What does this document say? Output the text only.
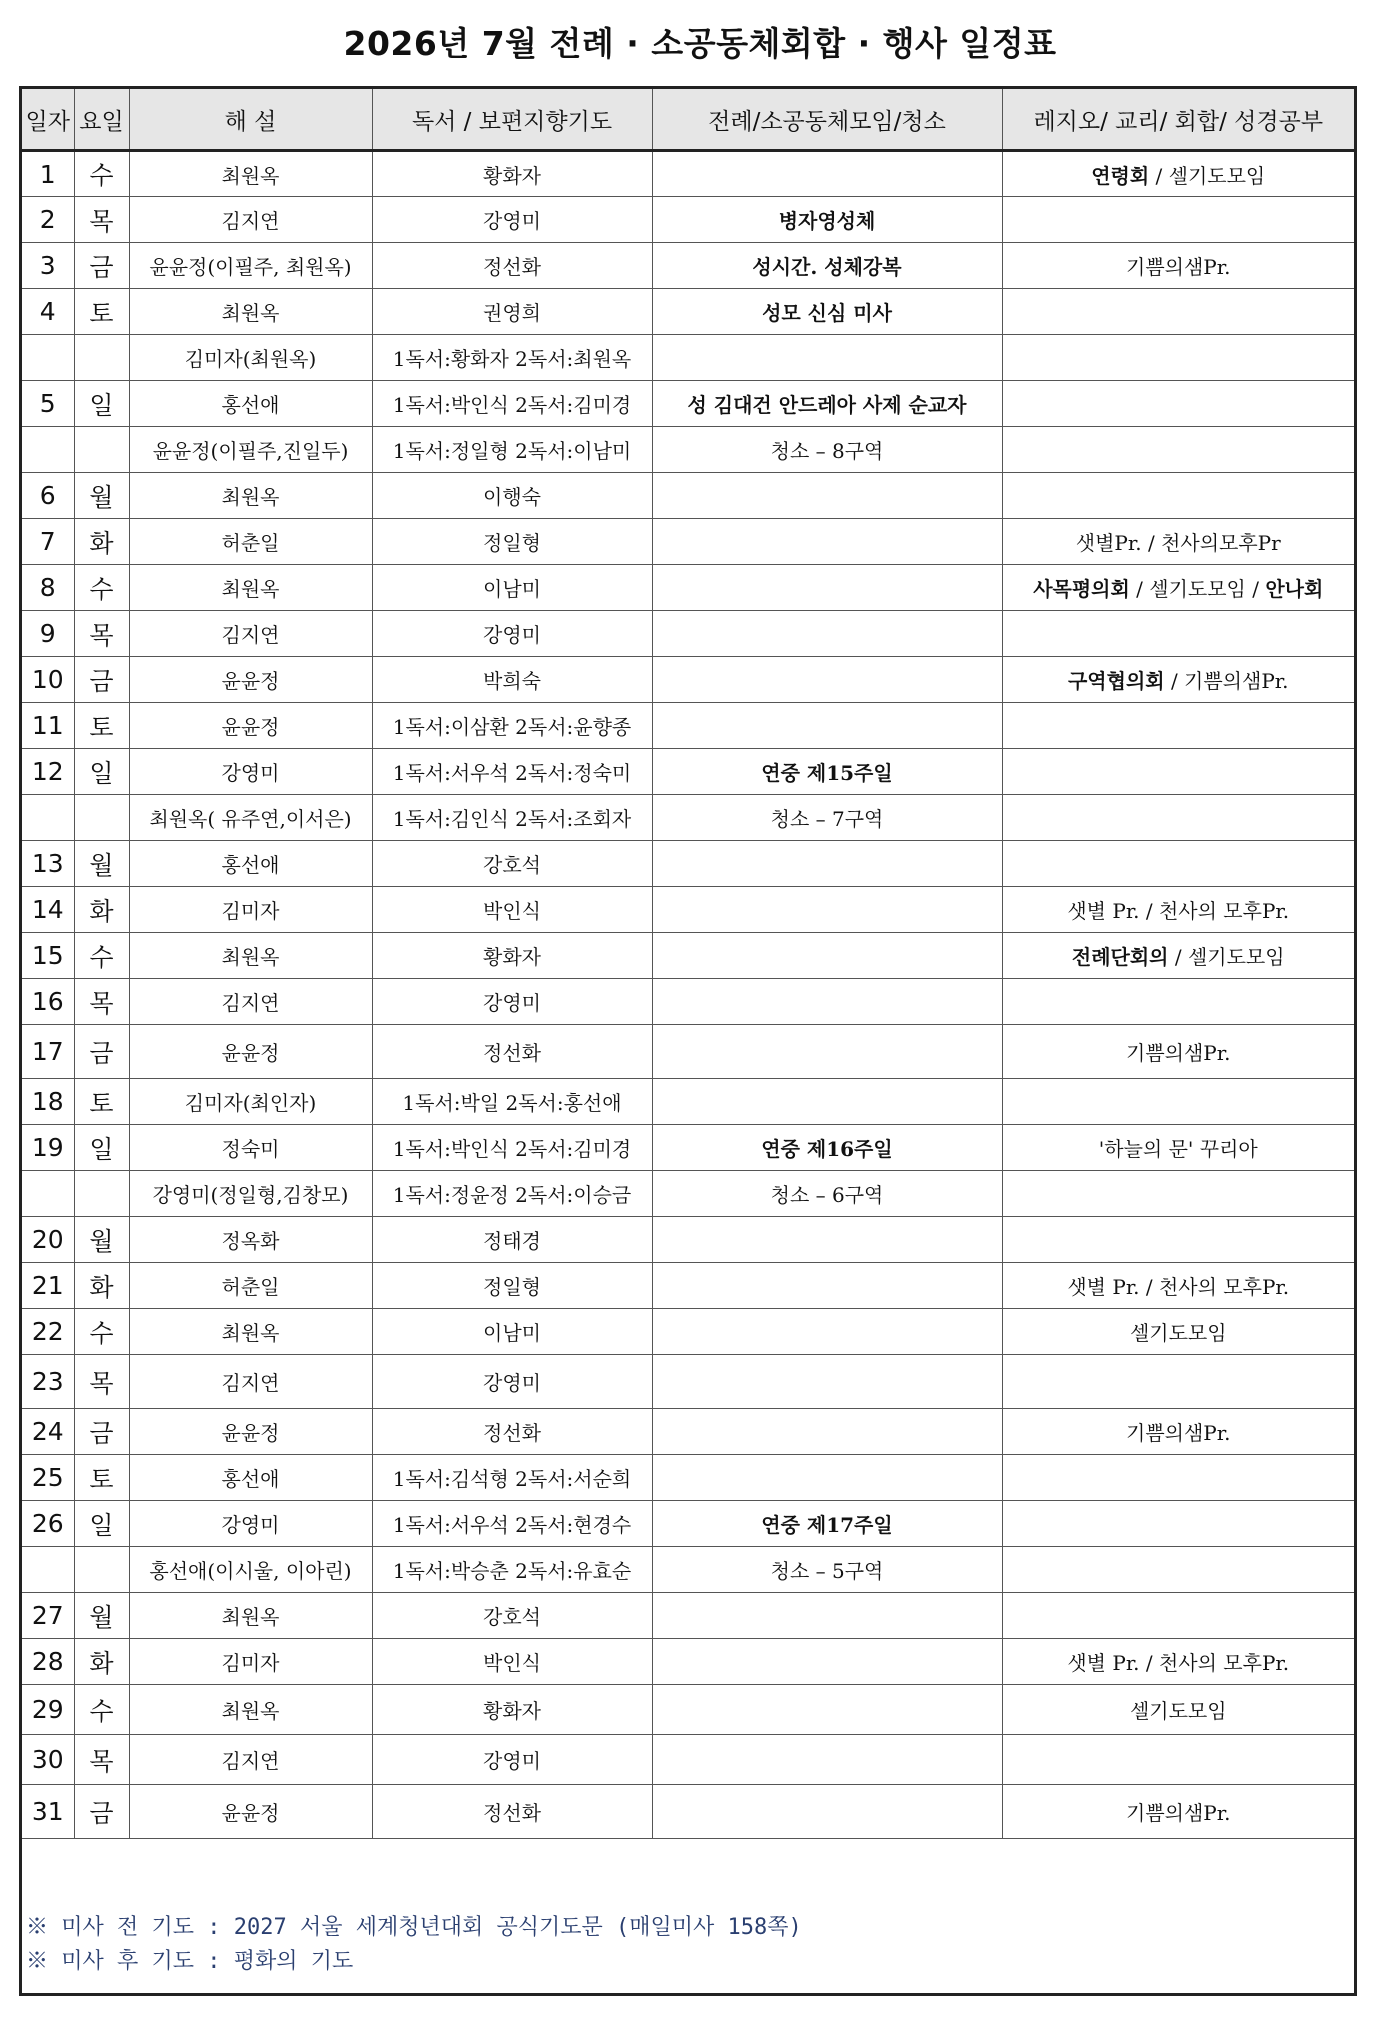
2026년 7월 전례 · 소공동체회합 · 행사 일정표
일자	요일	해 설	독서 / 보편지향기도	전례/소공동체모임/청소	레지오/ 교리/ 회합/ 성경공부
1	수	최원옥	황화자		연령회 / 셀기도모임
2	목	김지연	강영미	병자영성체	
3	금	윤윤정(이필주, 최원옥)	정선화	성시간. 성체강복	기쁨의샘Pr.
4	토	최원옥	권영희	성모 신심 미사	
		김미자(최원옥)	1독서:황화자 2독서:최원옥		
5	일	홍선애	1독서:박인식 2독서:김미경	성 김대건 안드레아 사제 순교자	
		윤윤정(이필주,진일두)	1독서:정일형 2독서:이남미	청소 – 8구역	
6	월	최원옥	이행숙		
7	화	허춘일	정일형		샛별Pr. / 천사의모후Pr
8	수	최원옥	이남미		사목평의회 / 셀기도모임 / 안나회
9	목	김지연	강영미		
10	금	윤윤정	박희숙		구역협의회 / 기쁨의샘Pr.
11	토	윤윤정	1독서:이삼환 2독서:윤향종		
12	일	강영미	1독서:서우석 2독서:정숙미	연중 제15주일	
		최원옥( 유주연,이서은)	1독서:김인식 2독서:조회자	청소 – 7구역	
13	월	홍선애	강호석		
14	화	김미자	박인식		샛별 Pr. / 천사의 모후Pr.
15	수	최원옥	황화자		전례단회의 / 셀기도모임
16	목	김지연	강영미		
17	금	윤윤정	정선화		기쁨의샘Pr.
18	토	김미자(최인자)	1독서:박일 2독서:홍선애		
19	일	정숙미	1독서:박인식 2독서:김미경	연중 제16주일	'하늘의 문' 꾸리아
		강영미(정일형,김창모)	1독서:정윤정 2독서:이승금	청소 – 6구역	
20	월	정옥화	정태경		
21	화	허춘일	정일형		샛별 Pr. / 천사의 모후Pr.
22	수	최원옥	이남미		셀기도모임
23	목	김지연	강영미		
24	금	윤윤정	정선화		기쁨의샘Pr.
25	토	홍선애	1독서:김석형 2독서:서순희		
26	일	강영미	1독서:서우석 2독서:현경수	연중 제17주일	
		홍선애(이시울, 이아린)	1독서:박승춘 2독서:유효순	청소 – 5구역	
27	월	최원옥	강호석		
28	화	김미자	박인식		샛별 Pr. / 천사의 모후Pr.
29	수	최원옥	황화자		셀기도모임
30	목	김지연	강영미		
31	금	윤윤정	정선화		기쁨의샘Pr.
※ 미사 전 기도 : 2027 서울 세계청년대회 공식기도문 (매일미사 158쪽)
※ 미사 후 기도 : 평화의 기도
